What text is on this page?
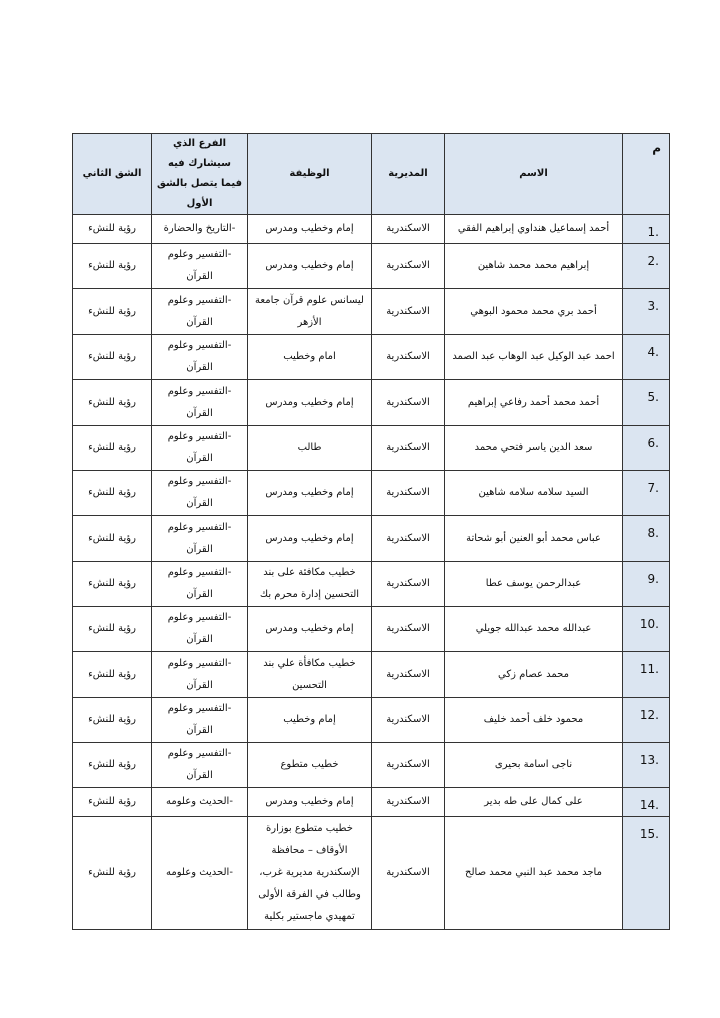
م	الاسم	المديرية	الوظيفة	الفرع الذي سيشارك فيه فيما يتصل بالشق الأول	الشق الثاني
1.	أحمد إسماعيل هنداوي إبراهيم الفقي	الاسكندرية	إمام وخطيب ومدرس	-التاريخ والحضارة	رؤية للنشء
2.	إبراهيم محمد محمد شاهين	الاسكندرية	إمام وخطيب ومدرس	-التفسير وعلوم القرآن	رؤية للنشء
3.	أحمد بري محمد محمود البوهي	الاسكندرية	ليسانس علوم قرآن جامعة الأزهر	-التفسير وعلوم القرآن	رؤية للنشء
4.	احمد عبد الوكيل عبد الوهاب عبد الصمد	الاسكندرية	امام وخطيب	-التفسير وعلوم القرآن	رؤية للنشء
5.	أحمد محمد أحمد رفاعي إبراهيم	الاسكندرية	إمام وخطيب ومدرس	-التفسير وعلوم القرآن	رؤية للنشء
6.	سعد الدين ياسر فتحي محمد	الاسكندرية	طالب	-التفسير وعلوم القرآن	رؤية للنشء
7.	السيد سلامه سلامه شاهين	الاسكندرية	إمام وخطيب ومدرس	-التفسير وعلوم القرآن	رؤية للنشء
8.	عباس محمد أبو العنين أبو شحاتة	الاسكندرية	إمام وخطيب ومدرس	-التفسير وعلوم القرآن	رؤية للنشء
9.	عبدالرحمن يوسف عطا	الاسكندرية	خطيب مكافئة على بند التحسين إدارة محرم بك	-التفسير وعلوم القرآن	رؤية للنشء
10.	عبدالله محمد عبدالله جويلي	الاسكندرية	إمام وخطيب ومدرس	-التفسير وعلوم القرآن	رؤية للنشء
11.	محمد عصام زكي	الاسكندرية	خطيب مكافأة علي بند التحسين	-التفسير وعلوم القرآن	رؤية للنشء
12.	محمود خلف أحمد خليف	الاسكندرية	إمام وخطيب	-التفسير وعلوم القرآن	رؤية للنشء
13.	ناجى اسامة بحيرى	الاسكندرية	خطيب متطوع	-التفسير وعلوم القرآن	رؤية للنشء
14.	على كمال على طه بدير	الاسكندرية	إمام وخطيب ومدرس	-الحديث وعلومه	رؤية للنشء
15.	ماجد محمد عبد النبي محمد صالح	الاسكندرية	خطيب متطوع بوزارة الأوقاف – محافظة الإسكندرية مديرية غرب، وطالب في الفرقة الأولى تمهيدي ماجستير بكلية	-الحديث وعلومه	رؤية للنشء
